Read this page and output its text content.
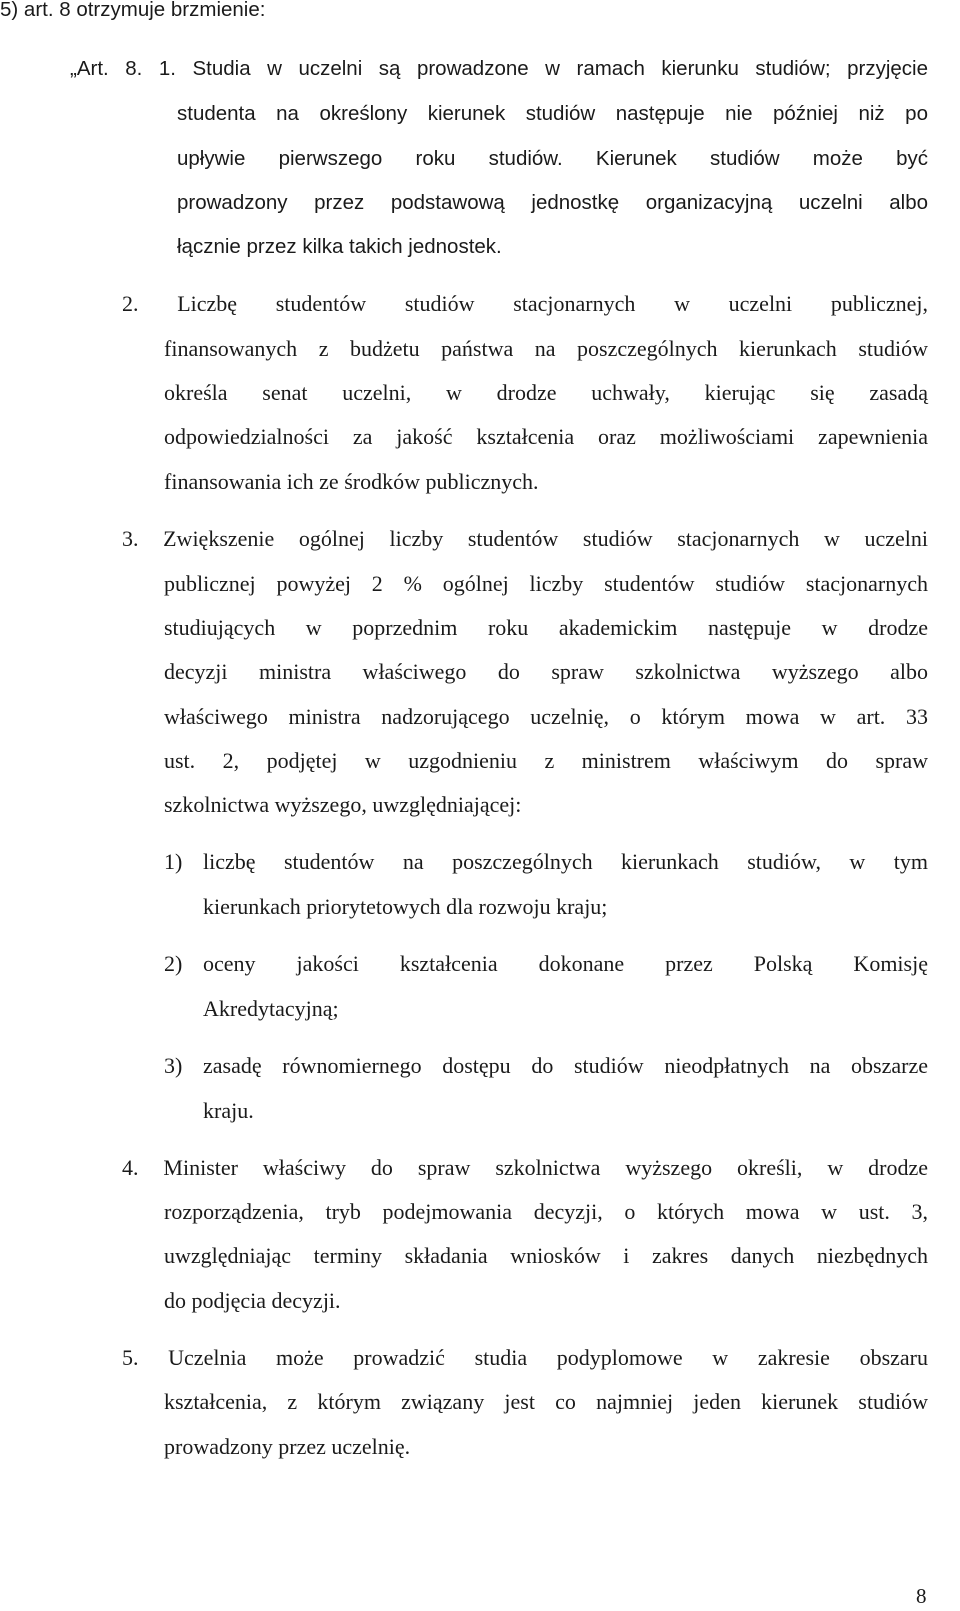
5) art. 8 otrzymuje brzmienie:
„Art. 8. 1. Studia w uczelni są prowadzone w ramach kierunku studiów; przyjęcie
studenta na określony kierunek studiów następuje nie później niż po
upływie pierwszego roku studiów. Kierunek studiów może być
prowadzony przez podstawową jednostkę organizacyjną uczelni albo
łącznie przez kilka takich jednostek.
2. Liczbę studentów studiów stacjonarnych w uczelni publicznej,
finansowanych z budżetu państwa na poszczególnych kierunkach studiów
określa senat uczelni, w drodze uchwały, kierując się zasadą
odpowiedzialności za jakość kształcenia oraz możliwościami zapewnienia
finansowania ich ze środków publicznych.
3. Zwiększenie ogólnej liczby studentów studiów stacjonarnych w uczelni
publicznej powyżej 2 % ogólnej liczby studentów studiów stacjonarnych
studiujących w poprzednim roku akademickim następuje w drodze
decyzji ministra właściwego do spraw szkolnictwa wyższego albo
właściwego ministra nadzorującego uczelnię, o którym mowa w art. 33
ust. 2, podjętej w uzgodnieniu z ministrem właściwym do spraw
szkolnictwa wyższego, uwzględniającej:
1) liczbę studentów na poszczególnych kierunkach studiów, w tym
kierunkach priorytetowych dla rozwoju kraju;
2) oceny jakości kształcenia dokonane przez Polską Komisję
Akredytacyjną;
3) zasadę równomiernego dostępu do studiów nieodpłatnych na obszarze
kraju.
4. Minister właściwy do spraw szkolnictwa wyższego określi, w drodze
rozporządzenia, tryb podejmowania decyzji, o których mowa w ust. 3,
uwzględniając terminy składania wniosków i zakres danych niezbędnych
do podjęcia decyzji.
5. Uczelnia może prowadzić studia podyplomowe w zakresie obszaru
kształcenia, z którym związany jest co najmniej jeden kierunek studiów
prowadzony przez uczelnię.
8
